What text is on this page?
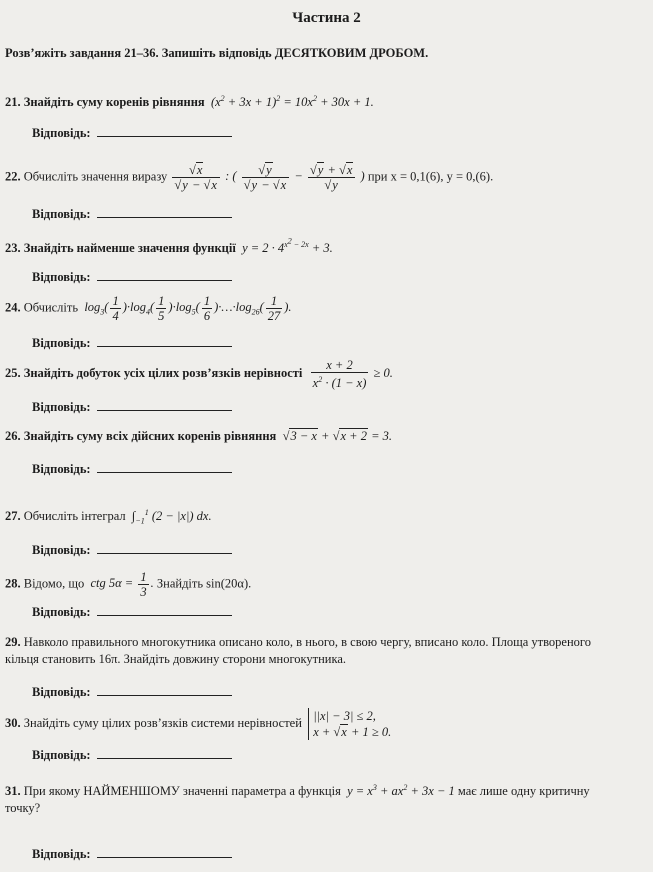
Частина 2
Розв’яжіть завдання 21–36. Запишіть відповідь ДЕСЯТКОВИМ ДРОБОМ.
21. Знайдіть суму коренів рівняння $(x^2 + 3x + 1)^2 = 10x^2 + 30x + 1$.
Відповідь:
22. Обчисліть значення виразу $\frac{√x}{√y - √x}$ : ( $\frac{√y}{√y - √x} - \frac{√y + √x}{√y}$ ) при x = 0,1(6), y = 0,(6).
Відповідь:
23. Знайдіть найменше значення функції $y = 2 \cdot 4^{x^2 - 2x} + 3$.
Відповідь:
24. Обчисліть $\log_3( \frac{1}{4} )\cdot\log_4( \frac{1}{5} )\cdot\log_5( \frac{1}{6}$ )$\cdot\dots\cdot\log_{26}( \frac{1}{27}$ ).
Відповідь:
25. Знайдіть добуток усіх цілих розв’язків нерівності $\frac{x + 2}{x^2 \cdot (1 - x)} \ge 0$.
Відповідь:
26. Знайдіть суму всіх дійсних коренів рівняння √3 − x + √x + 2 = 3.
Відповідь:
27. Обчисліть інтеграл $\int_{-1}^1$ (2 − |x|) dx.
Відповідь:
28. Відомо, що ctg $5\alpha = \frac{1}{3}$ . Знайдіть sin(20α).
Відповідь:
29. Навколо правильного многокутника описано коло, в нього, в свою чергу, вписано коло. Площа утвореного кільця становить 16π. Знайдіть довжину сторони многокутника.
Відповідь:
30. Знайдіть суму цілих розв’язків системи нерівностей ||x| − 3| ≤ 2,
x + √x + 1 ≥ 0.
Відповідь:
31. При якому НАЙМЕНШОМУ значенні параметра a функція $y = x^3 + ax^2 + 3x - 1$ має лише одну критичну точку?
Відповідь:
